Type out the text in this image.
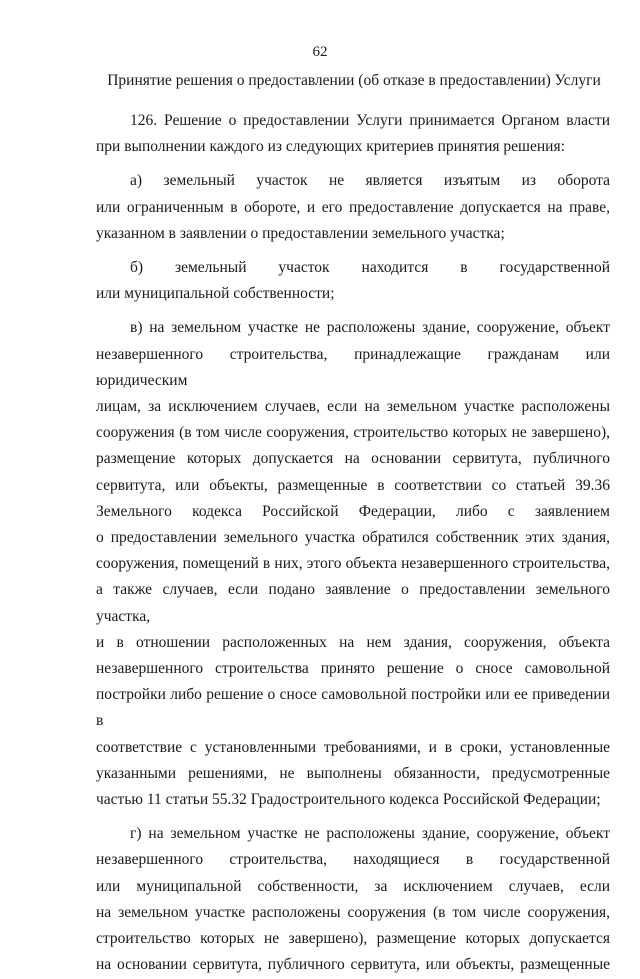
62
Принятие решения о предоставлении (об отказе в предоставлении) Услуги
126. Решение о предоставлении Услуги принимается Органом власти
при выполнении каждого из следующих критериев принятия решения:
а) земельный участок не является изъятым из оборота
или ограниченным в обороте, и его предоставление допускается на праве,
указанном в заявлении о предоставлении земельного участка;
б) земельный участок находится в государственной
или муниципальной собственности;
в) на земельном участке не расположены здание, сооружение, объект
незавершенного строительства, принадлежащие гражданам или юридическим
лицам, за исключением случаев, если на земельном участке расположены
сооружения (в том числе сооружения, строительство которых не завершено),
размещение которых допускается на основании сервитута, публичного
сервитута, или объекты, размещенные в соответствии со статьей 39.36
Земельного кодекса Российской Федерации, либо с заявлением
о предоставлении земельного участка обратился собственник этих здания,
сооружения, помещений в них, этого объекта незавершенного строительства,
а также случаев, если подано заявление о предоставлении земельного участка,
и в отношении расположенных на нем здания, сооружения, объекта
незавершенного строительства принято решение о сносе самовольной
постройки либо решение о сносе самовольной постройки или ее приведении в
соответствие с установленными требованиями, и в сроки, установленные
указанными решениями, не выполнены обязанности, предусмотренные
частью 11 статьи 55.32 Градостроительного кодекса Российской Федерации;
г) на земельном участке не расположены здание, сооружение, объект
незавершенного строительства, находящиеся в государственной
или муниципальной собственности, за исключением случаев, если
на земельном участке расположены сооружения (в том числе сооружения,
строительство которых не завершено), размещение которых допускается
на основании сервитута, публичного сервитута, или объекты, размещенные
